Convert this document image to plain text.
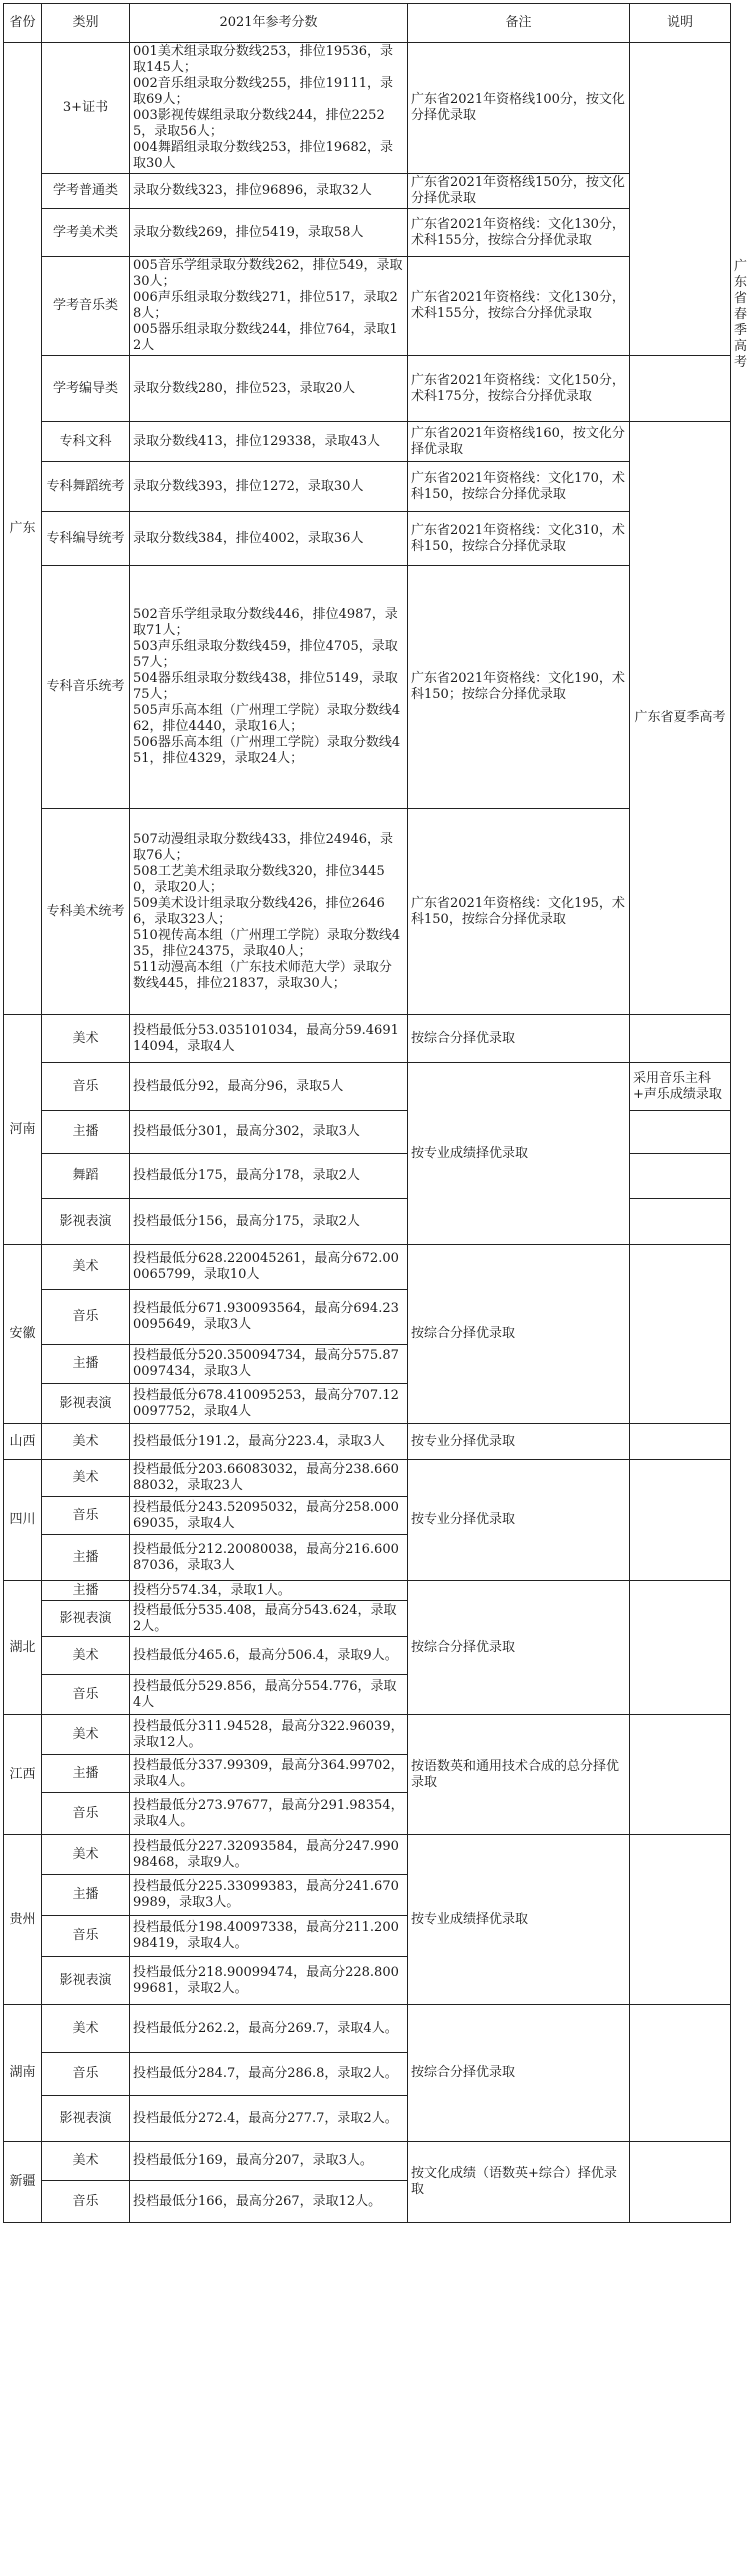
省份	类别	2021年参考分数	备注	说明	
广东	3+证书	001美术组录取分数线253，排位19536，录取145人；
002音乐组录取分数线255，排位19111，录取69人；
003影视传媒组录取分数线244，排位22525，录取56人；
004舞蹈组录取分数线253，排位19682，录取30人	广东省2021年资格线100分，按文化分择优录取		
	学考普通类	录取分数线323，排位96896，录取32人	广东省2021年资格线150分，按文化分择优录取		
	学考美术类	录取分数线269，排位5419，录取58人	广东省2021年资格线：文化130分，术科155分，按综合分择优录取		广东省春季高考
	学考音乐类	005音乐学组录取分数线262，排位549，录取30人；
006声乐组录取分数线271，排位517，录取28人；
005器乐组录取分数线244，排位764，录取12人	广东省2021年资格线：文化130分，术科155分，按综合分择优录取		
	学考编导类	录取分数线280，排位523，录取20人	广东省2021年资格线：文化150分，术科175分，按综合分择优录取		
	专科文科	录取分数线413，排位129338，录取43人	广东省2021年资格线160，按文化分择优录取	广东省夏季高考	
	专科舞蹈统考	录取分数线393，排位1272，录取30人	广东省2021年资格线：文化170，术科150，按综合分择优录取		
	专科编导统考	录取分数线384，排位4002，录取36人	广东省2021年资格线：文化310，术科150，按综合分择优录取		
	专科音乐统考	502音乐学组录取分数线446，排位4987，录取71人；
503声乐组录取分数线459，排位4705，录取57人；
504器乐组录取分数线438，排位5149，录取75人；
505声乐高本组（广州理工学院）录取分数线462，排位4440，录取16人；
506器乐高本组（广州理工学院）录取分数线451，排位4329，录取24人；	广东省2021年资格线：文化190，术科150；按综合分择优录取		
	专科美术统考	507动漫组录取分数线433，排位24946，录取76人；
508工艺美术组录取分数线320，排位34450，录取20人；
509美术设计组录取分数线426，排位26466，录取323人；
510视传高本组（广州理工学院）录取分数线435，排位24375，录取40人；
511动漫高本组（广东技术师范大学）录取分数线445，排位21837，录取30人；	广东省2021年资格线：文化195，术科150，按综合分择优录取		
河南	美术	投档最低分53.035101034，最高分59.469114094，录取4人	按综合分择优录取		
	音乐	投档最低分92，最高分96，录取5人	按专业成绩择优录取	采用音乐主科+声乐成绩录取	
	主播	投档最低分301，最高分302，录取3人			
	舞蹈	投档最低分175，最高分178，录取2人			
	影视表演	投档最低分156，最高分175，录取2人			
安徽	美术	投档最低分628.220045261，最高分672.000065799，录取10人	按综合分择优录取		
	音乐	投档最低分671.930093564，最高分694.230095649，录取3人			
	主播	投档最低分520.350094734，最高分575.870097434，录取3人			
	影视表演	投档最低分678.410095253，最高分707.120097752，录取4人			
山西	美术	投档最低分191.2，最高分223.4，录取3人	按专业分择优录取		
四川	美术	投档最低分203.66083032，最高分238.66088032，录取23人	按专业分择优录取		
	音乐	投档最低分243.52095032，最高分258.00069035，录取4人			
	主播	投档最低分212.20080038，最高分216.60087036，录取3人			
湖北	主播	投档分574.34，录取1人。	按综合分择优录取		
	影视表演	投档最低分535.408，最高分543.624，录取2人。			
	美术	投档最低分465.6，最高分506.4，录取9人。			
	音乐	投档最低分529.856，最高分554.776，录取4人			
江西	美术	投档最低分311.94528，最高分322.96039，录取12人。	按语数英和通用技术合成的总分择优录取		
	主播	投档最低分337.99309，最高分364.99702，录取4人。			
	音乐	投档最低分273.97677，最高分291.98354，录取4人。			
贵州	美术	投档最低分227.32093584，最高分247.99098468，录取9人。	按专业成绩择优录取		
	主播	投档最低分225.33099383，最高分241.6709989，录取3人。			
	音乐	投档最低分198.40097338，最高分211.20098419，录取4人。			
	影视表演	投档最低分218.90099474，最高分228.80099681，录取2人。			
湖南	美术	投档最低分262.2，最高分269.7，录取4人。	按综合分择优录取		
	音乐	投档最低分284.7，最高分286.8，录取2人。			
	影视表演	投档最低分272.4，最高分277.7，录取2人。			
新疆	美术	投档最低分169，最高分207，录取3人。	按文化成绩（语数英+综合）择优录取		
	音乐	投档最低分166，最高分267，录取12人。			
